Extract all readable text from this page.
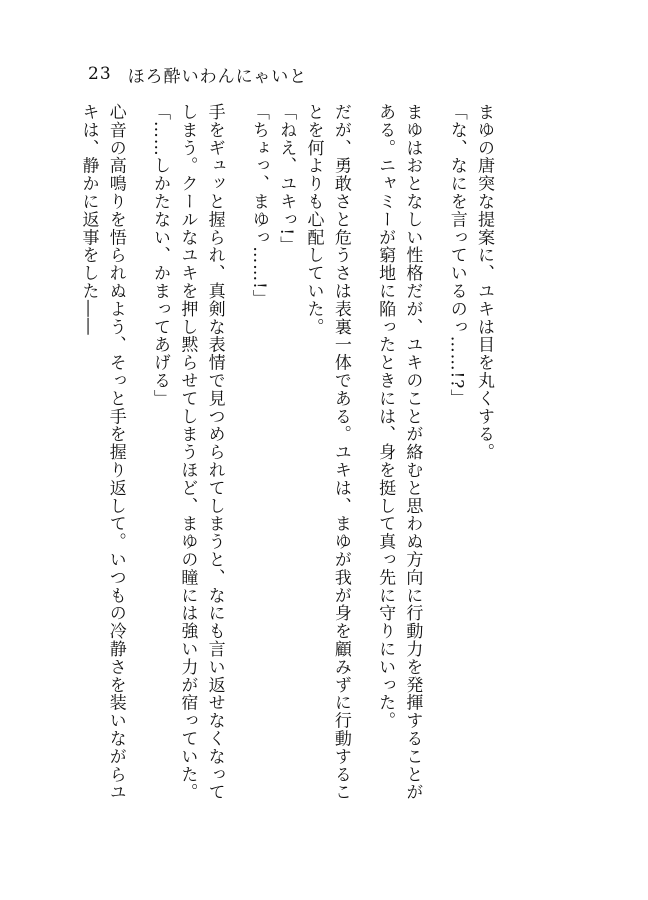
23 ほろ酔いわんにゃいと
まゆの唐突な提案に、ユキは目を丸くする。
「な、なにを言っているのっ……!?」
まゆはおとなしい性格だが、ユキのことが絡むと思わぬ方向に行動力を発揮することが
ある。ニャミーが窮地に陥ったときには、身を挺して真っ先に守りにいった。
だが、勇敢さと危うさは表裏一体である。ユキは、まゆが我が身を顧みずに行動するこ
とを何よりも心配していた。
「ねえ、ユキっ!」
「ちょっ、まゆっ……!」
手をギュッと握られ、真剣な表情で見つめられてしまうと、なにも言い返せなくなって
しまう。クールなユキを押し黙らせてしまうほど、まゆの瞳には強い力が宿っていた。
「……しかたない、かまってあげる」
心音の高鳴りを悟られぬよう、そっと手を握り返して。いつもの冷静さを装いながらユ
キは、静かに返事をした――
